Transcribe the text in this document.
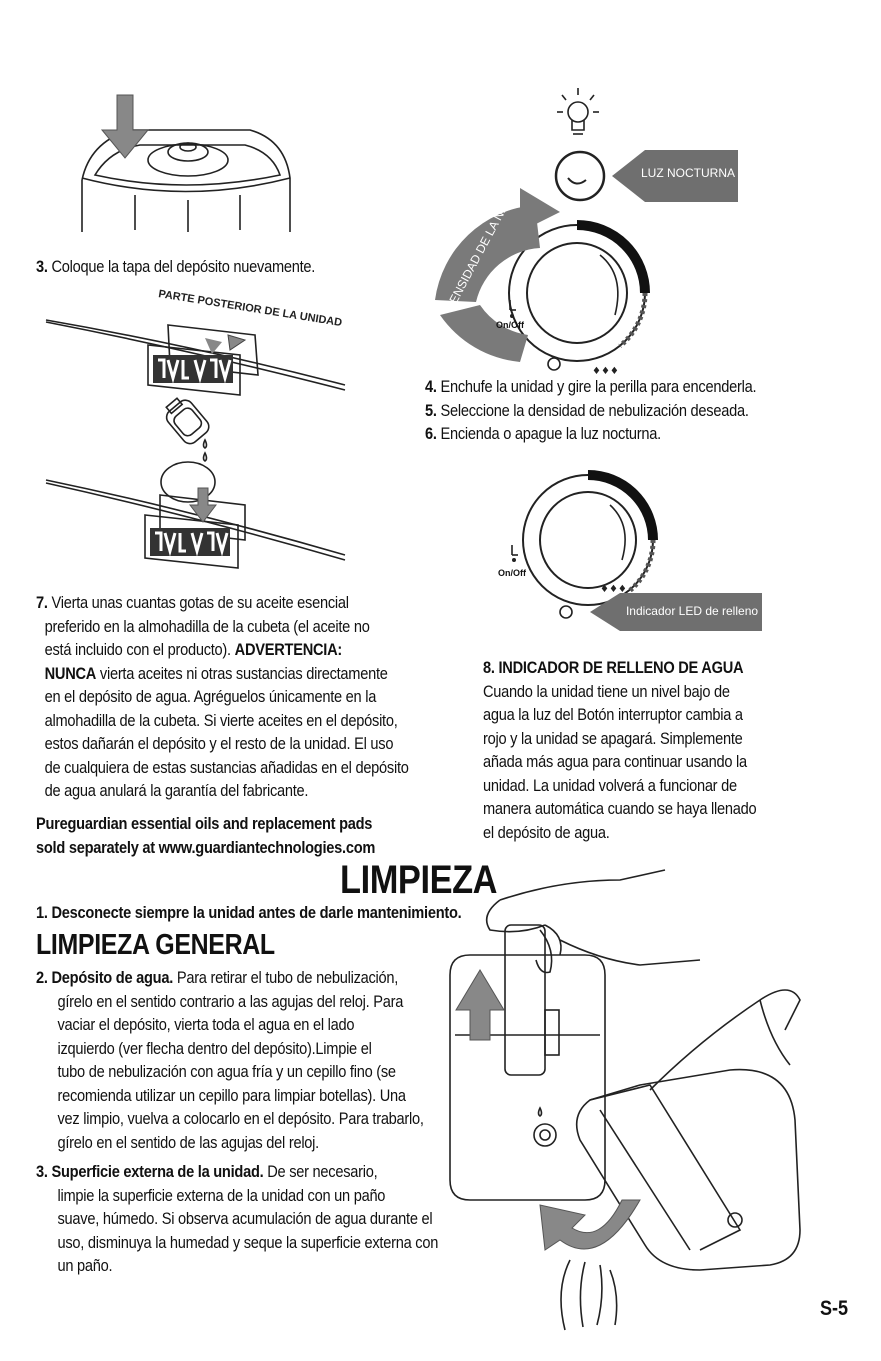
3. Coloque la tapa del depósito nuevamente.
PARTE POSTERIOR DE LA UNIDAD
♦♦♦
LUZ NOCTURNA
On/Off
DENSIDAD DE LA NEBULIZACIÓN
4. Enchufe la unidad y gire la perilla para encenderla.
5. Seleccione la densidad de nebulización deseada.
6. Encienda o apague la luz nocturna.
♦♦♦
On/Off
Indicador LED de relleno
7. Vierta unas cuantas gotas de su aceite esencial
preferido en la almohadilla de la cubeta (el aceite no
está incluido con el producto). ADVERTENCIA:
NUNCA vierta aceites ni otras sustancias directamente
en el depósito de agua. Agréguelos únicamente en la
almohadilla de la cubeta. Si vierte aceites en el depósito,
estos dañarán el depósito y el resto de la unidad. El uso
de cualquiera de estas sustancias añadidas en el depósito
de agua anulará la garantía del fabricante.
Pureguardian essential oils and replacement pads
sold separately at www.guardiantechnologies.com
8. INDICADOR DE RELLENO DE AGUA
Cuando la unidad tiene un nivel bajo de
agua la luz del Botón interruptor cambia a
rojo y la unidad se apagará. Simplemente
añada más agua para continuar usando la
unidad. La unidad volverá a funcionar de
manera automática cuando se haya llenado
el depósito de agua.
LIMPIEZA
1. Desconecte siempre la unidad antes de darle mantenimiento.
LIMPIEZA GENERAL
2. Depósito de agua. Para retirar el tubo de nebulización,
gírelo en el sentido contrario a las agujas del reloj. Para
vaciar el depósito, vierta toda el agua en el lado
izquierdo (ver flecha dentro del depósito).Limpie el
tubo de nebulización con agua fría y un cepillo fino (se
recomienda utilizar un cepillo para limpiar botellas). Una
vez limpio, vuelva a colocarlo en el depósito. Para trabarlo,
gírelo en el sentido de las agujas del reloj.
3. Superficie externa de la unidad. De ser necesario,
limpie la superficie externa de la unidad con un paño
suave, húmedo. Si observa acumulación de agua durante el
uso, disminuya la humedad y seque la superficie externa con
un paño.
S-5
